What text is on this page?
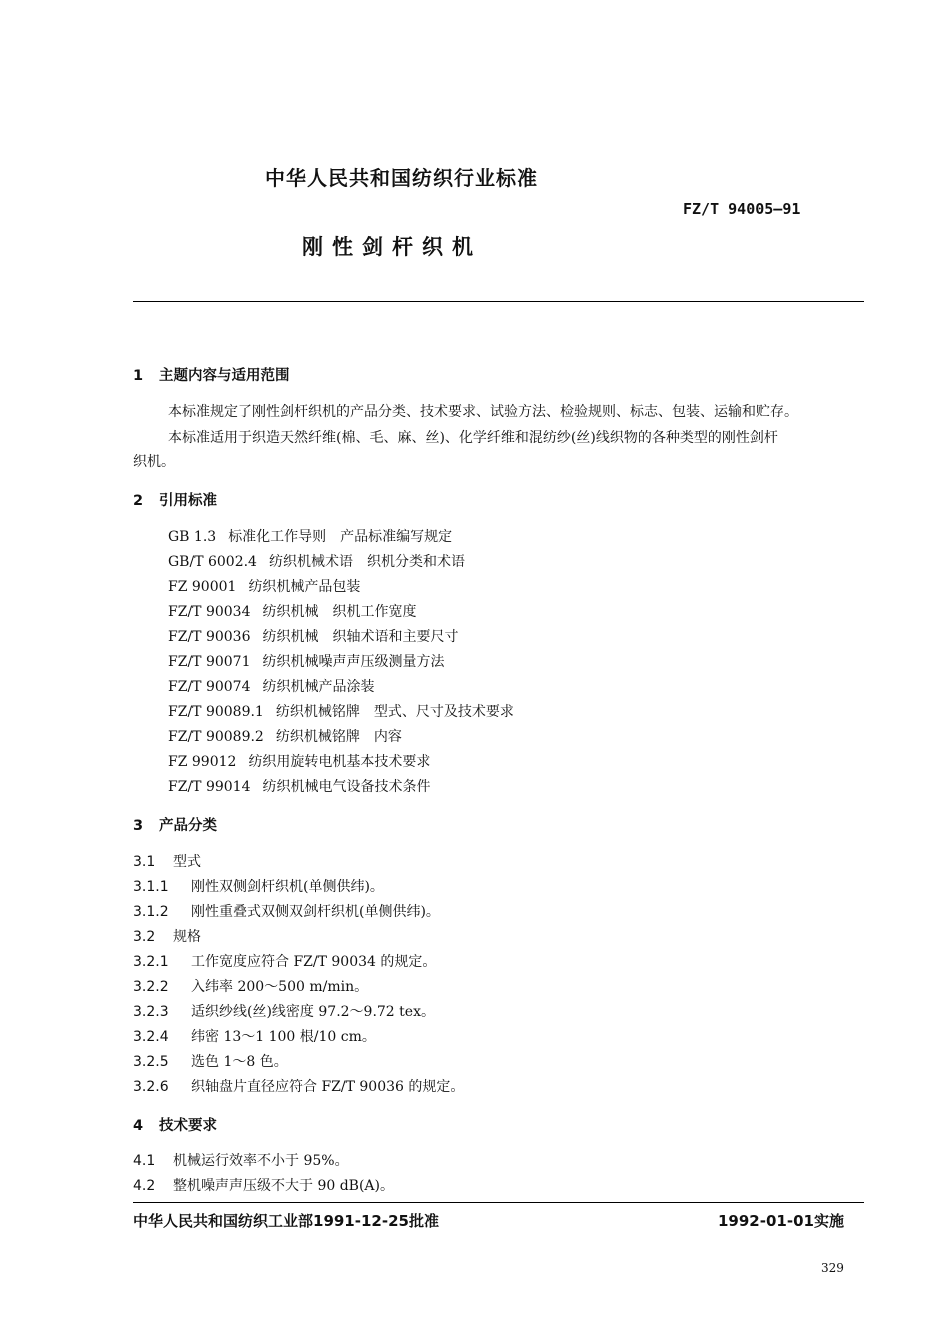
中华人民共和国纺织行业标准
FZ/T 94005—91
刚性剑杆织机
1 主题内容与适用范围
本标准规定了刚性剑杆织机的产品分类、技术要求、试验方法、检验规则、标志、包装、运输和贮存。
本标准适用于织造天然纤维(棉、毛、麻、丝)、化学纤维和混纺纱(丝)线织物的各种类型的刚性剑杆
织机。
2 引用标准
GB 1.3 标准化工作导则　产品标准编写规定
GB/T 6002.4 纺织机械术语　织机分类和术语
FZ 90001 纺织机械产品包装
FZ/T 90034 纺织机械　织机工作宽度
FZ/T 90036 纺织机械　织轴术语和主要尺寸
FZ/T 90071 纺织机械噪声声压级测量方法
FZ/T 90074 纺织机械产品涂装
FZ/T 90089.1 纺织机械铭牌　型式、尺寸及技术要求
FZ/T 90089.2 纺织机械铭牌　内容
FZ 99012 纺织用旋转电机基本技术要求
FZ/T 99014 纺织机械电气设备技术条件
3 产品分类
3.1 型式
3.1.1 刚性双侧剑杆织机(单侧供纬)。
3.1.2 刚性重叠式双侧双剑杆织机(单侧供纬)。
3.2 规格
3.2.1 工作宽度应符合 FZ/T 90034 的规定。
3.2.2 入纬率 200～500 m/min。
3.2.3 适织纱线(丝)线密度 97.2～9.72 tex。
3.2.4 纬密 13～1 100 根/10 cm。
3.2.5 选色 1～8 色。
3.2.6 织轴盘片直径应符合 FZ/T 90036 的规定。
4 技术要求
4.1 机械运行效率不小于 95%。
4.2 整机噪声声压级不大于 90 dB(A)。
中华人民共和国纺织工业部1991-12-25批准	1992-01-01实施
329
